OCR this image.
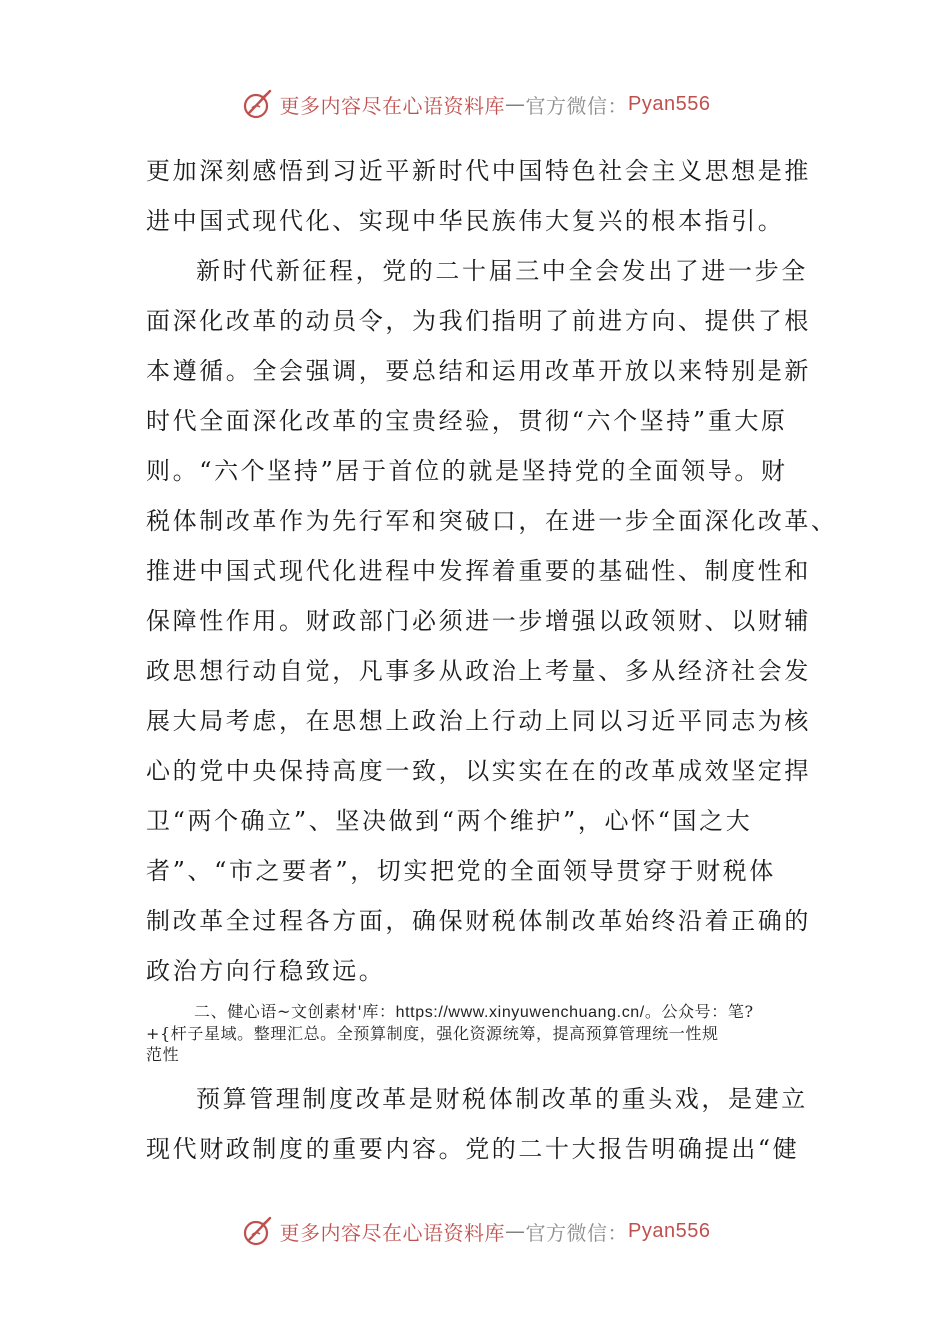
更多内容尽在心语资料库 — 官方微信： Pyan556
更加深刻感悟到习近平新时代中国特色社会主义思想是推
进中国式现代化、实现中华民族伟大复兴的根本指引。
新时代新征程，党的二十届三中全会发出了进一步全
面深化改革的动员令，为我们指明了前进方向、提供了根
本遵循。全会强调，要总结和运用改革开放以来特别是新
时代全面深化改革的宝贵经验，贯彻“六个坚持”重大原
则。“六个坚持”居于首位的就是坚持党的全面领导。财
税体制改革作为先行军和突破口，在进一步全面深化改革、
推进中国式现代化进程中发挥着重要的基础性、制度性和
保障性作用。财政部门必须进一步增强以政领财、以财辅
政思想行动自觉，凡事多从政治上考量、多从经济社会发
展大局考虑，在思想上政治上行动上同以习近平同志为核
心的党中央保持高度一致，以实实在在的改革成效坚定捍
卫“两个确立”、坚决做到“两个维护”，心怀“国之大
者”、“市之要者”，切实把党的全面领导贯穿于财税体
制改革全过程各方面，确保财税体制改革始终沿着正确的
政治方向行稳致远。
二、健心语~文创素材'库：https://www.xinyuwenchuang.cn/。公众号：笔?
+{杆子星域。整理汇总。全预算制度，强化资源统筹，提高预算管理统一性规
范性
预算管理制度改革是财税体制改革的重头戏，是建立
现代财政制度的重要内容。党的二十大报告明确提出“健
更多内容尽在心语资料库 — 官方微信： Pyan556
